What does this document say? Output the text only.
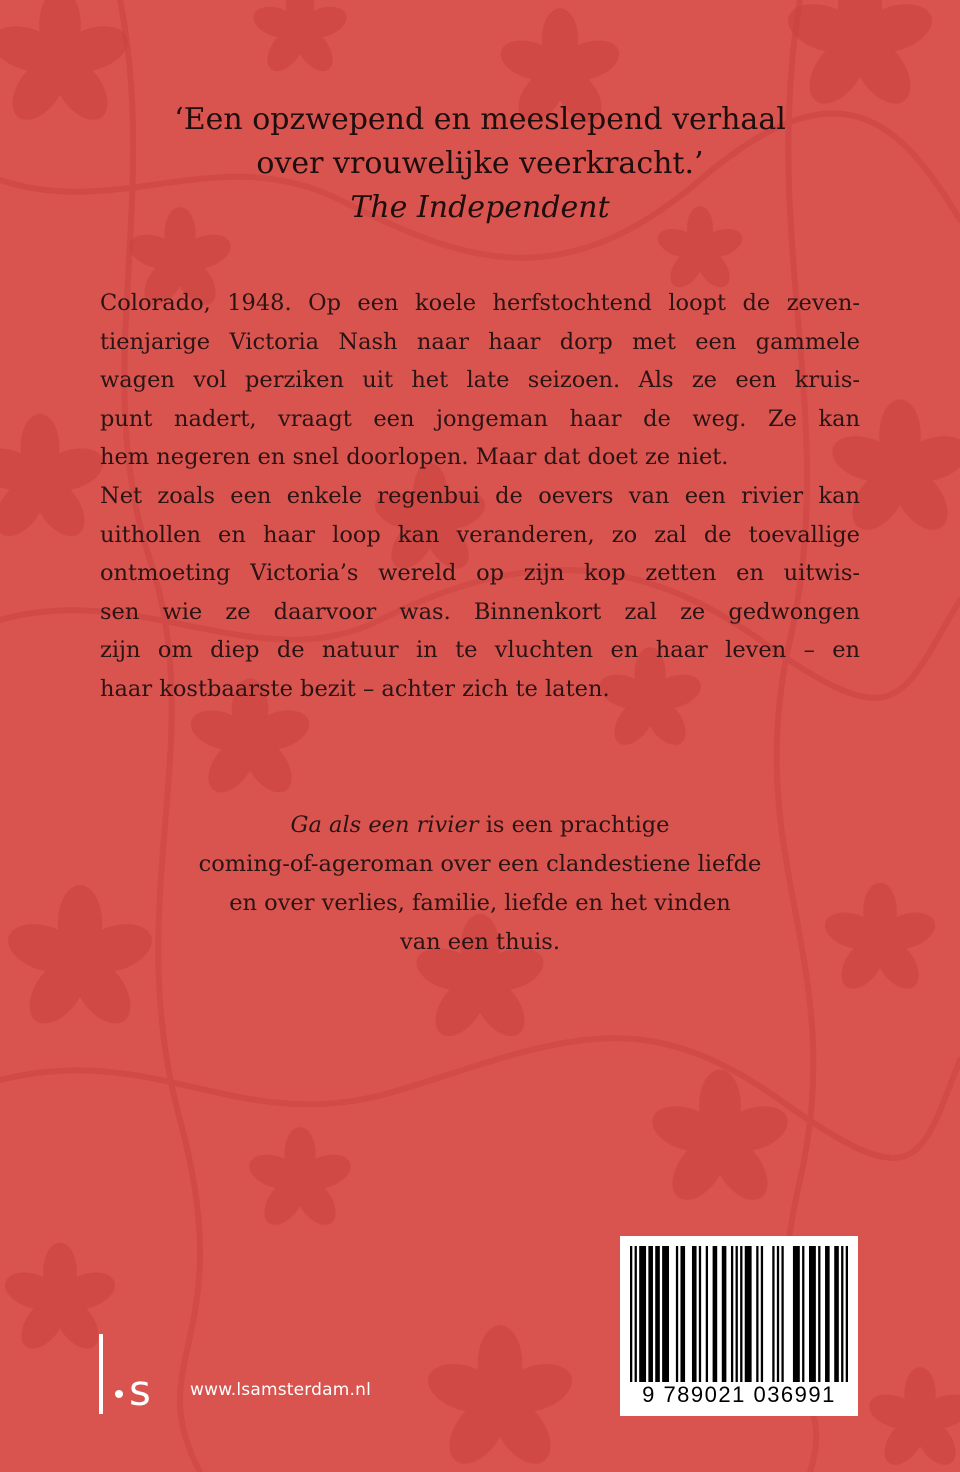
‘Een opzwepend en meeslepend verhaal
over vrouwelijke veerkracht.’
The Independent
Colorado, 1948. Op een koele herfstochtend loopt de zeven-
tienjarige Victoria Nash naar haar dorp met een gammele
wagen vol perziken uit het late seizoen. Als ze een kruis-
punt nadert, vraagt een jongeman haar de weg. Ze kan
hem negeren en snel doorlopen. Maar dat doet ze niet.
Net zoals een enkele regenbui de oevers van een rivier kan
uithollen en haar loop kan veranderen, zo zal de toevallige
ontmoeting Victoria’s wereld op zijn kop zetten en uitwis-
sen wie ze daarvoor was. Binnenkort zal ze gedwongen
zijn om diep de natuur in te vluchten en haar leven – en
haar kostbaarste bezit – achter zich te laten.
Ga als een rivier is een prachtige
coming-of-ageroman over een clandestiene liefde
en over verlies, familie, liefde en het vinden
van een thuis.
s www.lsamsterdam.nl	9 789021 036991
